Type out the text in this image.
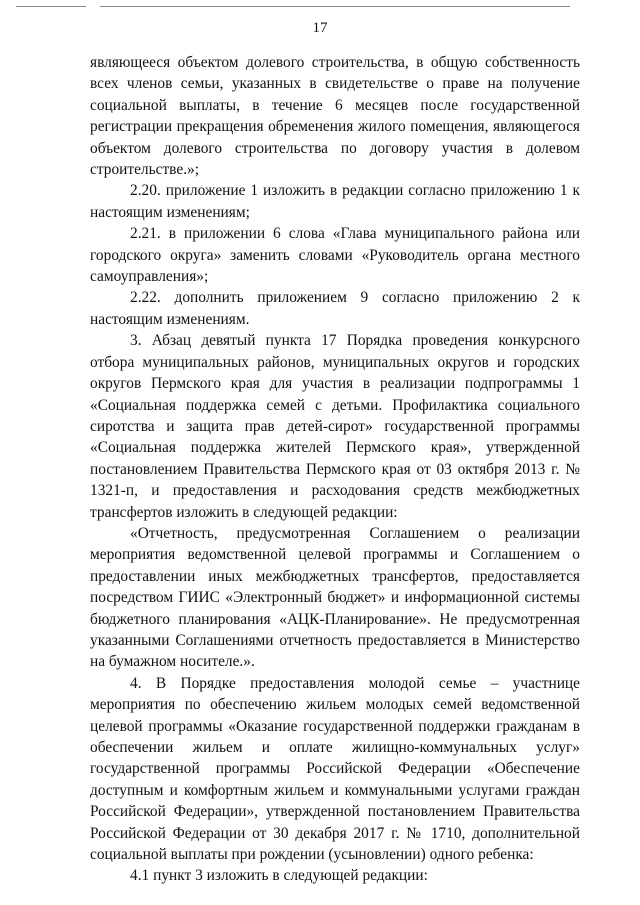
17

являющееся объектом долевого строительства, в общую собственность всех членов семьи, указанных в свидетельстве о праве на получение социальной выплаты, в течение 6 месяцев после государственной регистрации прекращения обременения жилого помещения, являющегося объектом долевого строительства по договору участия в долевом строительстве.»;

2.20. приложение 1 изложить в редакции согласно приложению 1 к настоящим изменениям;

2.21. в приложении 6 слова «Глава муниципального района или городского округа» заменить словами «Руководитель органа местного самоуправления»;

2.22. дополнить приложением 9 согласно приложению 2 к настоящим изменениям.

3. Абзац девятый пункта 17 Порядка проведения конкурсного отбора муниципальных районов, муниципальных округов и городских округов Пермского края для участия в реализации подпрограммы 1 «Социальная поддержка семей с детьми. Профилактика социального сиротства и защита прав детей-сирот» государственной программы «Социальная поддержка жителей Пермского края», утвержденной постановлением Правительства Пермского края от 03 октября 2013 г. № 1321-п, и предоставления и расходования средств межбюджетных трансфертов изложить в следующей редакции:

«Отчетность, предусмотренная Соглашением о реализации мероприятия ведомственной целевой программы и Соглашением о предоставлении иных межбюджетных трансфертов, предоставляется посредством ГИИС «Электронный бюджет» и информационной системы бюджетного планирования «АЦК-Планирование». Не предусмотренная указанными Соглашениями отчетность предоставляется в Министерство на бумажном носителе.».

4. В Порядке предоставления молодой семье – участнице мероприятия по обеспечению жильем молодых семей ведомственной целевой программы «Оказание государственной поддержки гражданам в обеспечении жильем и оплате жилищно-коммунальных услуг» государственной программы Российской Федерации «Обеспечение доступным и комфортным жильем и коммунальными услугами граждан Российской Федерации», утвержденной постановлением Правительства Российской Федерации от 30 декабря 2017 г. № 1710, дополнительной социальной выплаты при рождении (усыновлении) одного ребенка:

4.1 пункт 3 изложить в следующей редакции:
